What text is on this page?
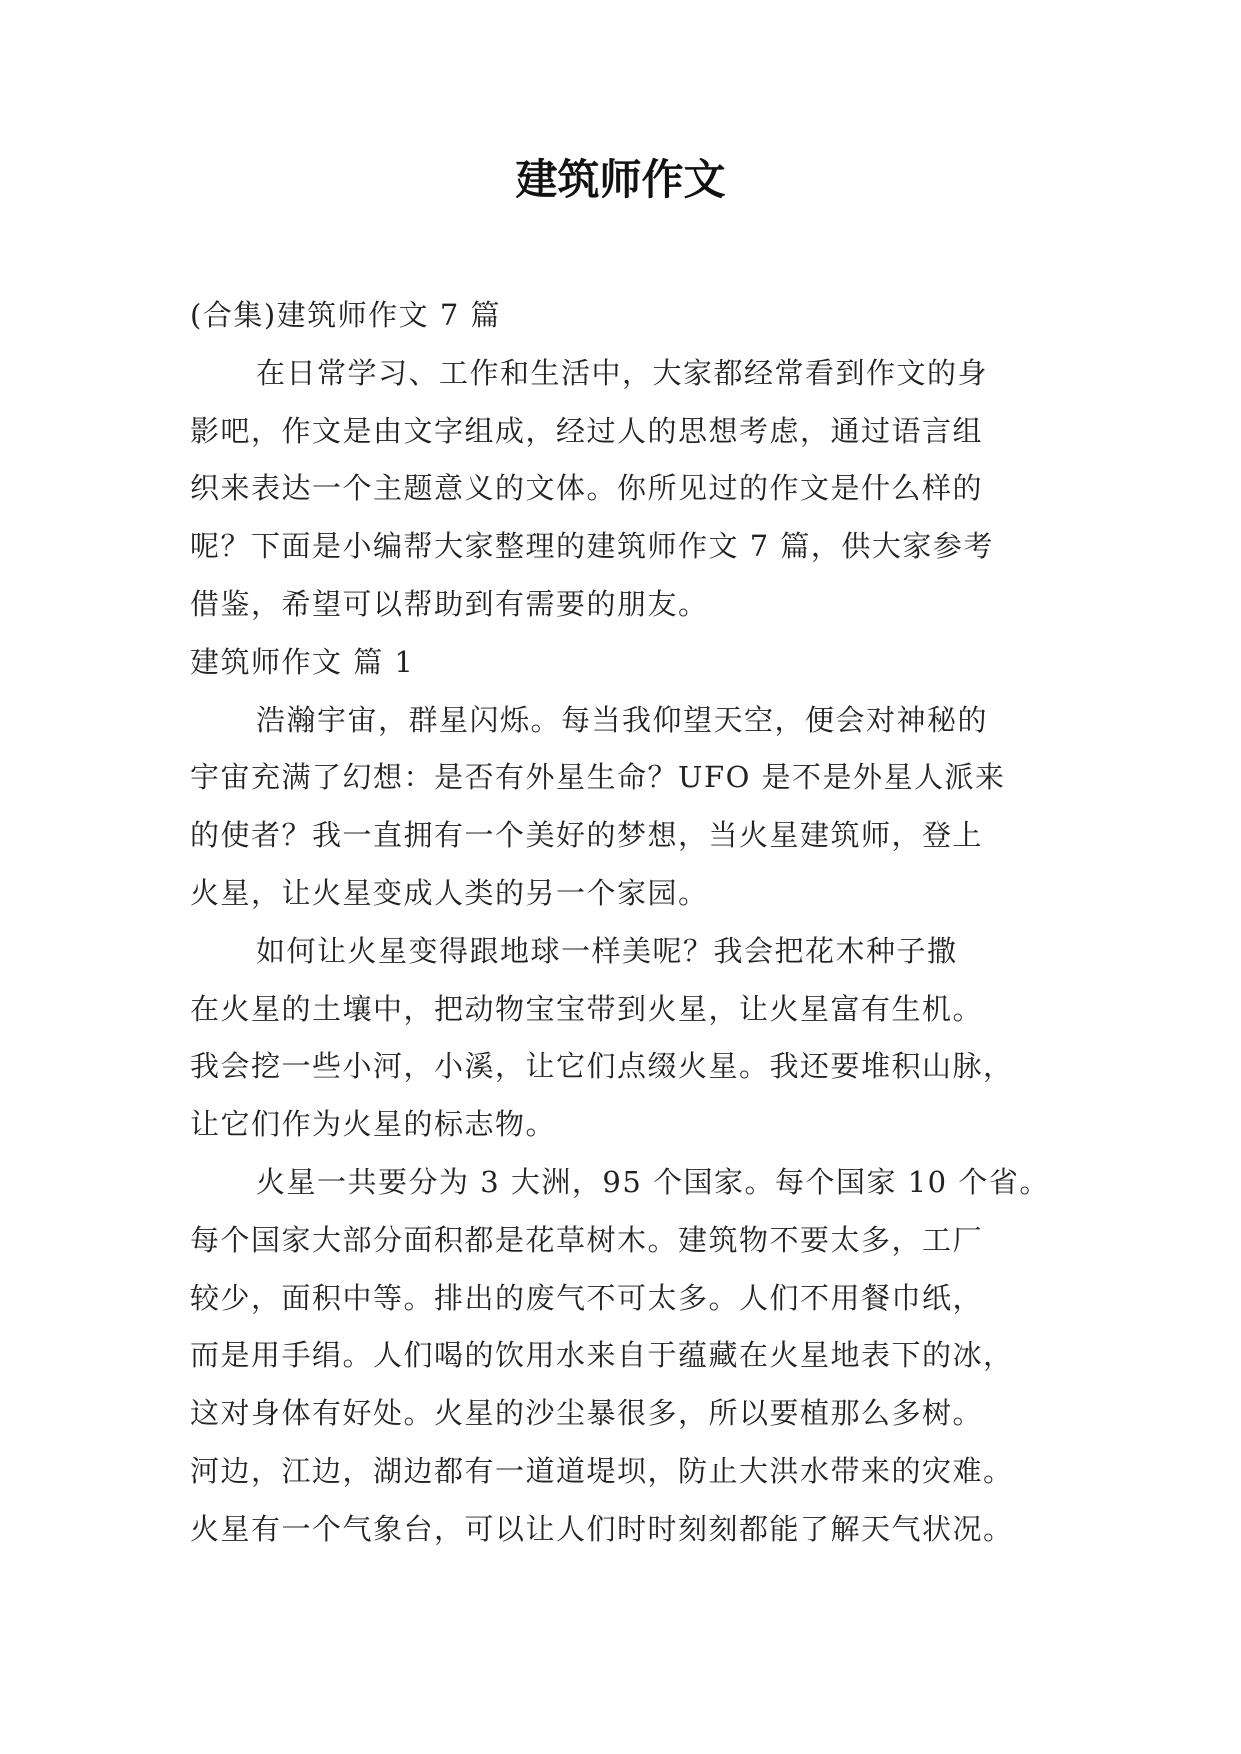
建筑师作文

(合集)建筑师作文 7 篇

在日常学习、工作和生活中，大家都经常看到作文的身

影吧，作文是由文字组成，经过人的思想考虑，通过语言组

织来表达一个主题意义的文体。你所见过的作文是什么样的

呢？下面是小编帮大家整理的建筑师作文 7 篇，供大家参考

借鉴，希望可以帮助到有需要的朋友。

建筑师作文 篇 1

浩瀚宇宙，群星闪烁。每当我仰望天空，便会对神秘的

宇宙充满了幻想：是否有外星生命？UFO 是不是外星人派来

的使者？我一直拥有一个美好的梦想，当火星建筑师，登上

火星，让火星变成人类的另一个家园。

如何让火星变得跟地球一样美呢？我会把花木种子撒

在火星的土壤中，把动物宝宝带到火星，让火星富有生机。

我会挖一些小河，小溪，让它们点缀火星。我还要堆积山脉，

让它们作为火星的标志物。

火星一共要分为 3 大洲，95 个国家。每个国家 10 个省。

每个国家大部分面积都是花草树木。建筑物不要太多，工厂

较少，面积中等。排出的废气不可太多。人们不用餐巾纸，

而是用手绢。人们喝的饮用水来自于蕴藏在火星地表下的冰，

这对身体有好处。火星的沙尘暴很多，所以要植那么多树。

河边，江边，湖边都有一道道堤坝，防止大洪水带来的灾难。

火星有一个气象台，可以让人们时时刻刻都能了解天气状况。
